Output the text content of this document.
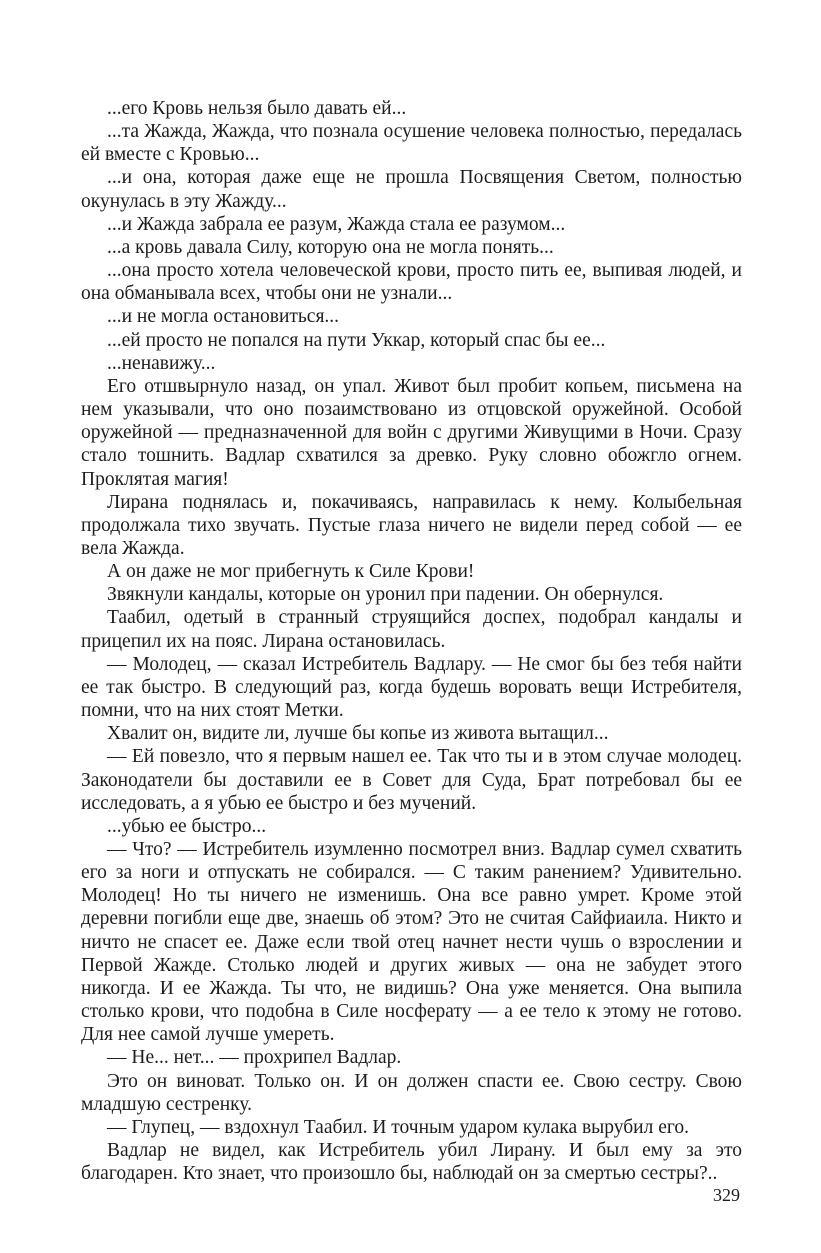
...его Кровь нельзя было давать ей...

...та Жажда, Жажда, что познала осушение человека полностью, передалась ей вместе с Кровью...

...и она, которая даже еще не прошла Посвящения Светом, полностью окунулась в эту Жажду...

...и Жажда забрала ее разум, Жажда стала ее разумом...

...а кровь давала Силу, которую она не могла понять...

...она просто хотела человеческой крови, просто пить ее, выпивая людей, и она обманывала всех, чтобы они не узнали...

...и не могла остановиться...

...ей просто не попался на пути Уккар, который спас бы ее...

...ненавижу...

Его отшвырнуло назад, он упал. Живот был пробит копьем, письмена на нем указывали, что оно позаимствовано из отцовской оружейной. Особой оружейной — предназначенной для войн с другими Живущими в Ночи. Сразу стало тошнить. Вадлар схватился за древко. Руку словно обожгло огнем. Проклятая магия!

Лирана поднялась и, покачиваясь, направилась к нему. Колыбельная продолжала тихо звучать. Пустые глаза ничего не видели перед собой — ее вела Жажда.

А он даже не мог прибегнуть к Силе Крови!

Звякнули кандалы, которые он уронил при падении. Он обернулся.

Таабил, одетый в странный струящийся доспех, подобрал кандалы и прицепил их на пояс. Лирана остановилась.

— Молодец, — сказал Истребитель Вадлару. — Не смог бы без тебя найти ее так быстро. В следующий раз, когда будешь воровать вещи Истребителя, помни, что на них стоят Метки.

Хвалит он, видите ли, лучше бы копье из живота вытащил...

— Ей повезло, что я первым нашел ее. Так что ты и в этом случае молодец. Законодатели бы доставили ее в Совет для Суда, Брат потребовал бы ее исследовать, а я убью ее быстро и без мучений.

...убью ее быстро...

— Что? — Истребитель изумленно посмотрел вниз. Вадлар сумел схватить его за ноги и отпускать не собирался. — С таким ранением? Удивительно. Молодец! Но ты ничего не изменишь. Она все равно умрет. Кроме этой деревни погибли еще две, знаешь об этом? Это не считая Сайфиаила. Никто и ничто не спасет ее. Даже если твой отец начнет нести чушь о взрослении и Первой Жажде. Столько людей и других живых — она не забудет этого никогда. И ее Жажда. Ты что, не видишь? Она уже меняется. Она выпила столько крови, что подобна в Силе носферату — а ее тело к этому не готово. Для нее самой лучше умереть.

— Не... нет... — прохрипел Вадлар.

Это он виноват. Только он. И он должен спасти ее. Свою сестру. Свою младшую сестренку.

— Глупец, — вздохнул Таабил. И точным ударом кулака вырубил его.

Вадлар не видел, как Истребитель убил Лирану. И был ему за это благодарен. Кто знает, что произошло бы, наблюдай он за смертью сестры?..

329
